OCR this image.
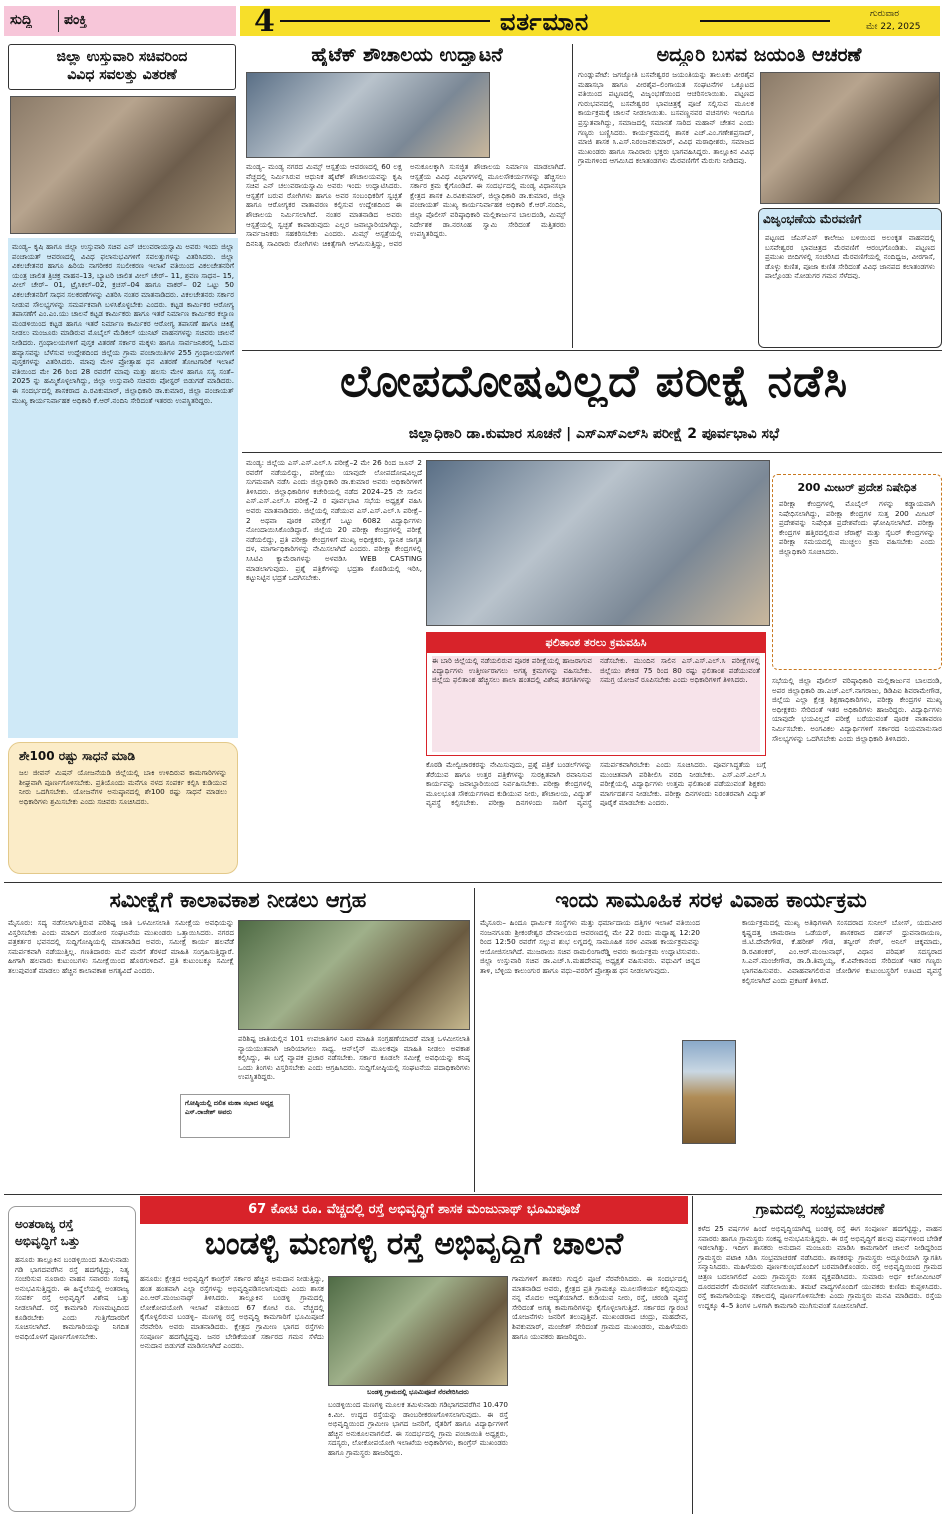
ಸುದ್ದಿ ಪಂಕ್ತಿ	4	ವರ್ತಮಾನ	ಗುರುವಾರ
ಮೇ 22, 2025
ಜಿಲ್ಲಾ ಉಸ್ತುವಾರಿ ಸಚಿವರಿಂದ
ವಿವಿಧ ಸವಲತ್ತು ವಿತರಣೆ
ಮಂಡ್ಯ– ಕೃಷಿ ಹಾಗೂ ಜಿಲ್ಲಾ ಉಸ್ತುವಾರಿ ಸಚಿವ ಎನ್ ಚಲುವರಾಯಸ್ವಾಮಿ ಅವರು ಇಂದು ಜಿಲ್ಲಾ ಪಂಚಾಯತ್ ಆವರಣದಲ್ಲಿ ವಿವಿಧ ಫಲಾನುಭವಿಗಳಿಗೆ ಸವಲತ್ತುಗಳನ್ನು ವಿತರಿಸಿದರು. ಜಿಲ್ಲಾ ವಿಕಲಚೇತನರ ಹಾಗೂ ಹಿರಿಯ ನಾಗರೀಕರ ಸಬಲೀಕರಣ ಇಲಾಖೆ ವತಿಯಿಂದ ವಿಕಲಚೇತನರಿಗೆ ಯಂತ್ರ ಚಾಲಿತ ತ್ರಿಚಕ್ರ ವಾಹನ–13, ಬ್ಯಾಟರಿ ಚಾಲಿತ ವೀಲ್ ಚೇರ್– 11, ಶ್ರವಣ ಸಾಧನ– 15, ವೀಲ್ ಚೇರ್– 01, ಟ್ರೈಸಿಕಲ್–02, ಕ್ರಚಸ್–04 ಹಾಗೂ ವಾಕರ್– 02 ಒಟ್ಟು 50 ವಿಕಲಚೇತನರಿಗೆ ಸಾಧನ ಸಲಕರಣೆಗಳನ್ನು ವಿತರಿಸಿ ನಂತರ ಮಾತನಾಡಿದರು. ವಿಕಲಚೇತನರು ಸರ್ಕಾರ ನೀಡುವ ಸೌಲಭ್ಯಗಳನ್ನು ಸಮರ್ಪಕವಾಗಿ ಬಳಸಿಕೊಳ್ಳಬೇಕು ಎಂದರು. ಕಟ್ಟಡ ಕಾರ್ಮಿಕರ ಆರೋಗ್ಯ ತಪಾಸಣೆಗೆ ಎಂ.ಎಂ.ಯು ಚಾಲನೆ ಕಟ್ಟಡ ಕಾರ್ಮಿಕರು ಹಾಗೂ ಇತರೆ ನಿರ್ಮಾಣ ಕಾರ್ಮಿಕರ ಕಲ್ಯಾಣ ಮಂಡಳಿಯಿಂದ ಕಟ್ಟಡ ಹಾಗೂ ಇತರೆ ನಿರ್ಮಾಣ ಕಾರ್ಮಿಕರ ಆರೋಗ್ಯ ತಪಾಸಣೆ ಹಾಗೂ ಚಿಕಿತ್ಸೆ ನೀಡಲು ಮಂಜೂರು ಮಾಡಿರುವ ಮೊಬೈಲ್ ಮೆಡಿಕಲ್ ಯುನಿಟ್ ವಾಹನಗಳನ್ನು ಸಚಿವರು ಚಾಲನೆ ನೀಡಿದರು. ಗ್ರಂಥಾಲಯಗಳಿಗೆ ಪುಸ್ತಕ ವಿತರಣೆ ಸರ್ಕಾರ ಮಕ್ಕಳು ಹಾಗೂ ಸಾರ್ವಜನಿಕರಲ್ಲಿ ಓದುವ ಹವ್ಯಾಸವನ್ನು ಬೆಳೆಸುವ ಉದ್ದೇಶದಿಂದ ಜಿಲ್ಲೆಯ ಗ್ರಾಮ ಪಂಚಾಯಿತಿಗಳ 255 ಗ್ರಂಥಾಲಯಗಳಿಗೆ ಪುಸ್ತಕಗಳನ್ನು ವಿತರಿಸಿದರು. ಮಾವು ಮೇಳ ಪ್ರೋತ್ಸಾಹ ಧನ ವಿತರಣೆ ತೋಟಗಾರಿಕೆ ಇಲಾಖೆ ವತಿಯಿಂದ ಮೇ 26 ರಿಂದ 28 ರವರೆಗೆ ಮಾವು ಮತ್ತು ಹಲಸು ಮೇಳ ಹಾಗೂ ಸಸ್ಯ ಸಂತೆ– 2025 ನ್ನು ಹಮ್ಮಿಕೊಳ್ಳಲಾಗಿದ್ದು, ಜಿಲ್ಲಾ ಉಸ್ತುವಾರಿ ಸಚಿವರು ಪೋಸ್ಟರ್ ಬಿಡುಗಡೆ ಮಾಡಿದರು. ಈ ಸಂದರ್ಭದಲ್ಲಿ ಶಾಸಕರಾದ ಪಿ.ರವಿಕುಮಾರ್, ಜಿಲ್ಲಾಧಿಕಾರಿ ಡಾ.ಕುಮಾರ, ಜಿಲ್ಲಾ ಪಂಚಾಯತ್ ಮುಖ್ಯ ಕಾರ್ಯನಿರ್ವಾಹಕ ಅಧಿಕಾರಿ ಕೆ.ಆರ್.ನಂದಿನಿ ಸೇರಿದಂತೆ ಇತರರು ಉಪಸ್ಥಿತರಿದ್ದರು.
ಶೇ100 ರಷ್ಟು ಸಾಧನೆ ಮಾಡಿ
ಜಲ ಜೀವನ್ ಮಿಷನ್ ಯೋಜನೆಯಡಿ ಜಿಲ್ಲೆಯಲ್ಲಿ ಬಾಕಿ ಉಳಿದಿರುವ ಕಾಮಗಾರಿಗಳನ್ನು ಶೀಘ್ರವಾಗಿ ಪೂರ್ಣಗೊಳಿಸಬೇಕು. ಪ್ರತಿಯೊಂದು ಮನೆಗೂ ನಳದ ಸಂಪರ್ಕ ಕಲ್ಪಿಸಿ ಕುಡಿಯುವ ನೀರು ಒದಗಿಸಬೇಕು. ಯೋಜನೆಗಳ ಅನುಷ್ಠಾನದಲ್ಲಿ ಶೇ100 ರಷ್ಟು ಸಾಧನೆ ಮಾಡಲು ಅಧಿಕಾರಿಗಳು ಶ್ರಮಿಸಬೇಕು ಎಂದು ಸಚಿವರು ಸೂಚಿಸಿದರು.
ಹೈಟೆಕ್ ಶೌಚಾಲಯ ಉದ್ಘಾಟನೆ
ಮಂಡ್ಯ– ಮಂಡ್ಯ ನಗರದ ಮಿಮ್ಸ್ ಆಸ್ಪತ್ರೆಯ ಆವರಣದಲ್ಲಿ 60 ಲಕ್ಷ ವೆಚ್ಚದಲ್ಲಿ ನಿರ್ಮಿಸಿರುವ ಆಧುನಿಕ ಹೈಟೆಕ್ ಶೌಚಾಲಯವನ್ನು ಕೃಷಿ ಸಚಿವ ಎನ್ ಚಲುವರಾಯಸ್ವಾಮಿ ಅವರು ಇಂದು ಉದ್ಘಾಟಿಸಿದರು. ಆಸ್ಪತ್ರೆಗೆ ಬರುವ ರೋಗಿಗಳು ಹಾಗೂ ಅವರ ಸಂಬಂಧಿಕರಿಗೆ ಸ್ವಚ್ಛತೆ ಹಾಗೂ ಆರೋಗ್ಯಕರ ವಾತಾವರಣ ಕಲ್ಪಿಸುವ ಉದ್ದೇಶದಿಂದ ಈ ಶೌಚಾಲಯ ನಿರ್ಮಿಸಲಾಗಿದೆ. ನಂತರ ಮಾತನಾಡಿದ ಅವರು ಆಸ್ಪತ್ರೆಯಲ್ಲಿ ಸ್ವಚ್ಛತೆ ಕಾಪಾಡುವುದು ಎಲ್ಲರ ಜವಾಬ್ದಾರಿಯಾಗಿದ್ದು, ಸಾರ್ವಜನಿಕರು ಸಹಕರಿಸಬೇಕು ಎಂದರು. ಮಿಮ್ಸ್ ಆಸ್ಪತ್ರೆಯಲ್ಲಿ ದಿನನಿತ್ಯ ಸಾವಿರಾರು ರೋಗಿಗಳು ಚಿಕಿತ್ಸೆಗಾಗಿ ಆಗಮಿಸುತ್ತಿದ್ದು, ಅವರ ಅನುಕೂಲಕ್ಕಾಗಿ ಸುಸಜ್ಜಿತ ಶೌಚಾಲಯ ನಿರ್ಮಾಣ ಮಾಡಲಾಗಿದೆ. ಆಸ್ಪತ್ರೆಯ ವಿವಿಧ ವಿಭಾಗಗಳಲ್ಲಿ ಮೂಲಸೌಕರ್ಯಗಳನ್ನು ಹೆಚ್ಚಿಸಲು ಸರ್ಕಾರ ಕ್ರಮ ಕೈಗೊಂಡಿದೆ. ಈ ಸಂದರ್ಭದಲ್ಲಿ ಮಂಡ್ಯ ವಿಧಾನಸಭಾ ಕ್ಷೇತ್ರದ ಶಾಸಕ ಪಿ.ರವಿಕುಮಾರ್, ಜಿಲ್ಲಾಧಿಕಾರಿ ಡಾ.ಕುಮಾರ, ಜಿಲ್ಲಾ ಪಂಚಾಯತ್ ಮುಖ್ಯ ಕಾರ್ಯನಿರ್ವಾಹಕ ಅಧಿಕಾರಿ ಕೆ.ಆರ್.ನಂದಿನಿ, ಜಿಲ್ಲಾ ಪೊಲೀಸ್ ವರಿಷ್ಠಾಧಿಕಾರಿ ಮಲ್ಲಿಕಾರ್ಜುನ ಬಾಲದಂಡಿ, ಮಿಮ್ಸ್ ನಿರ್ದೇಶಕ ಡಾ.ನರಸಿಂಹ ಸ್ವಾಮಿ ಸೇರಿದಂತೆ ಮತ್ತಿತರರು ಉಪಸ್ಥಿತರಿದ್ದರು.
ಅದ್ದೂರಿ ಬಸವ ಜಯಂತಿ ಆಚರಣೆ
ಗುಂಡ್ಲುಪೇಟೆ: ಜಗಜ್ಯೋತಿ ಬಸವೇಶ್ವರರ ಜಯಂತಿಯನ್ನು ತಾಲೂಕು ವೀರಶೈವ ಮಹಾಸಭಾ ಹಾಗೂ ವೀರಶೈವ–ಲಿಂಗಾಯತ ಸಂಘಟನೆಗಳ ಒಕ್ಕೂಟದ ವತಿಯಿಂದ ಪಟ್ಟಣದಲ್ಲಿ ವಿಜೃಂಭಣೆಯಿಂದ ಆಚರಿಸಲಾಯಿತು. ಪಟ್ಟಣದ ಗುರುಭವನದಲ್ಲಿ ಬಸವೇಶ್ವರರ ಭಾವಚಿತ್ರಕ್ಕೆ ಪೂಜೆ ಸಲ್ಲಿಸುವ ಮೂಲಕ ಕಾರ್ಯಕ್ರಮಕ್ಕೆ ಚಾಲನೆ ನೀಡಲಾಯಿತು. ಬಸವಣ್ಣನವರ ವಚನಗಳು ಇಂದಿಗೂ ಪ್ರಸ್ತುತವಾಗಿದ್ದು, ಸಮಾಜದಲ್ಲಿ ಸಮಾನತೆ ಸಾರಿದ ಮಹಾನ್ ಚೇತನ ಎಂದು ಗಣ್ಯರು ಬಣ್ಣಿಸಿದರು. ಕಾರ್ಯಕ್ರಮದಲ್ಲಿ ಶಾಸಕ ಎಚ್.ಎಂ.ಗಣೇಶಪ್ರಸಾದ್, ಮಾಜಿ ಶಾಸಕ ಸಿ.ಎಸ್.ನಿರಂಜನಕುಮಾರ್, ವಿವಿಧ ಮಠಾಧೀಶರು, ಸಮಾಜದ ಮುಖಂಡರು ಹಾಗೂ ಸಾವಿರಾರು ಭಕ್ತರು ಭಾಗವಹಿಸಿದ್ದರು. ತಾಲ್ಲೂಕಿನ ವಿವಿಧ ಗ್ರಾಮಗಳಿಂದ ಆಗಮಿಸಿದ ಕಲಾತಂಡಗಳು ಮೆರವಣಿಗೆಗೆ ಮೆರುಗು ನೀಡಿದವು.
ವಿಜೃಂಭಣೆಯ ಮೆರವಣಿಗೆ
ಪಟ್ಟಣದ ಜೆಎಸ್ಎಸ್ ಕಾಲೇಜು ಬಳಿಯಿಂದ ಅಲಂಕೃತ ವಾಹನದಲ್ಲಿ ಬಸವೇಶ್ವರರ ಭಾವಚಿತ್ರದ ಮೆರವಣಿಗೆ ಆರಂಭಗೊಂಡಿತು. ಪಟ್ಟಣದ ಪ್ರಮುಖ ಬೀದಿಗಳಲ್ಲಿ ಸಂಚರಿಸಿದ ಮೆರವಣಿಗೆಯಲ್ಲಿ ನಂದಿಧ್ವಜ, ವೀರಗಾಸೆ, ಡೊಳ್ಳು ಕುಣಿತ, ಪೂಜಾ ಕುಣಿತ ಸೇರಿದಂತೆ ವಿವಿಧ ಜಾನಪದ ಕಲಾತಂಡಗಳು ಪಾಲ್ಗೊಂಡು ನೋಡುಗರ ಗಮನ ಸೆಳೆದವು.
ಲೋಪದೋಷವಿಲ್ಲದೆ ಪರೀಕ್ಷೆ ನಡೆಸಿ
ಜಿಲ್ಲಾಧಿಕಾರಿ ಡಾ.ಕುಮಾರ ಸೂಚನೆ | ಎಸ್‌ಎಸ್‌ಎಲ್‌ಸಿ ಪರೀಕ್ಷೆ 2 ಪೂರ್ವಭಾವಿ ಸಭೆ
ಮಂಡ್ಯ: ಜಿಲ್ಲೆಯ ಎಸ್.ಎಸ್.ಎಲ್.ಸಿ ಪರೀಕ್ಷೆ–2 ಮೇ 26 ರಿಂದ ಜೂನ್ 2 ರವರೆಗೆ ನಡೆಯಲಿದ್ದು, ಪರೀಕ್ಷೆಯು ಯಾವುದೇ ಲೋಪದೋಷವಿಲ್ಲದೆ ಸುಗಮವಾಗಿ ನಡೆಸಿ ಎಂದು ಜಿಲ್ಲಾಧಿಕಾರಿ ಡಾ.ಕುಮಾರ ಅವರು ಅಧಿಕಾರಿಗಳಿಗೆ ತಿಳಿಸಿದರು. ಜಿಲ್ಲಾಧಿಕಾರಿಗಳ ಕಚೇರಿಯಲ್ಲಿ ನಡೆದ 2024–25 ನೇ ಸಾಲಿನ ಎಸ್.ಎಸ್.ಎಲ್.ಸಿ ಪರೀಕ್ಷೆ–2 ರ ಪೂರ್ವಭಾವಿ ಸಭೆಯ ಅಧ್ಯಕ್ಷತೆ ವಹಿಸಿ ಅವರು ಮಾತನಾಡಿದರು. ಜಿಲ್ಲೆಯಲ್ಲಿ ನಡೆಯುವ ಎಸ್.ಎಸ್.ಎಲ್.ಸಿ ಪರೀಕ್ಷೆ–2 ಅಥವಾ ಪೂರಕ ಪರೀಕ್ಷೆಗೆ ಒಟ್ಟು 6082 ವಿದ್ಯಾರ್ಥಿಗಳು ನೋಂದಾಯಿಸಿಕೊಂಡಿದ್ದಾರೆ. ಜಿಲ್ಲೆಯ 20 ಪರೀಕ್ಷಾ ಕೇಂದ್ರಗಳಲ್ಲಿ ಪರೀಕ್ಷೆ ನಡೆಯಲಿದ್ದು, ಪ್ರತಿ ಪರೀಕ್ಷಾ ಕೇಂದ್ರಗಳಿಗೆ ಮುಖ್ಯ ಅಧೀಕ್ಷಕರು, ಸ್ಥಾನಿಕ ಜಾಗೃತ ದಳ, ಮಾರ್ಗಾಧಿಕಾರಿಗಳನ್ನು ನೇಮಿಸಲಾಗಿದೆ ಎಂದರು. ಪರೀಕ್ಷಾ ಕೇಂದ್ರಗಳಲ್ಲಿ ಸಿಸಿಟಿವಿ ಕ್ಯಾಮೆರಾಗಳನ್ನು ಅಳವಡಿಸಿ WEB CASTING ಮಾಡಲಾಗುವುದು. ಪ್ರಶ್ನೆ ಪತ್ರಿಕೆಗಳನ್ನು ಭದ್ರತಾ ಕೊಠಡಿಯಲ್ಲಿ ಇರಿಸಿ, ಕಟ್ಟುನಿಟ್ಟಿನ ಭದ್ರತೆ ಒದಗಿಸಬೇಕು.
ಫಲಿತಾಂಶ ತರಲು ಕ್ರಮವಹಿಸಿ
ಈ ಬಾರಿ ಜಿಲ್ಲೆಯಲ್ಲಿ ನಡೆಯಲಿರುವ ಪೂರಕ ಪರೀಕ್ಷೆಯಲ್ಲಿ ಹಾಜರಾಗುವ ವಿದ್ಯಾರ್ಥಿಗಳು ಉತ್ತೀರ್ಣರಾಗಲು ಅಗತ್ಯ ಕ್ರಮಗಳನ್ನು ವಹಿಸಬೇಕು. ಜಿಲ್ಲೆಯ ಫಲಿತಾಂಶ ಹೆಚ್ಚಿಸಲು ಶಾಲಾ ಹಂತದಲ್ಲಿ ವಿಶೇಷ ತರಗತಿಗಳನ್ನು ನಡೆಸಬೇಕು. ಮುಂದಿನ ಸಾಲಿನ ಎಸ್.ಎಸ್.ಎಲ್.ಸಿ ಪರೀಕ್ಷೆಗಳಲ್ಲಿ ಜಿಲ್ಲೆಯು ಶೇಕಡ 75 ರಿಂದ 80 ರಷ್ಟು ಫಲಿತಾಂಶ ಪಡೆಯುವಂತೆ ಸಮಗ್ರ ಯೋಜನೆ ರೂಪಿಸಬೇಕು ಎಂದು ಅಧಿಕಾರಿಗಳಿಗೆ ತಿಳಿಸಿದರು.
ಕೊಠಡಿ ಮೇಲ್ವಿಚಾರಕರನ್ನು ನೇಮಿಸುವುದು, ಪ್ರಶ್ನೆ ಪತ್ರಿಕೆ ಬಂಡಲ್‌ಗಳನ್ನು ತೆರೆಯುವ ಹಾಗೂ ಉತ್ತರ ಪತ್ರಿಕೆಗಳನ್ನು ಸುರಕ್ಷಿತವಾಗಿ ರವಾನಿಸುವ ಕಾರ್ಯವನ್ನು ಜವಾಬ್ದಾರಿಯಿಂದ ನಿರ್ವಹಿಸಬೇಕು. ಪರೀಕ್ಷಾ ಕೇಂದ್ರಗಳಲ್ಲಿ ಮೂಲಭೂತ ಸೌಕರ್ಯಗಳಾದ ಕುಡಿಯುವ ನೀರು, ಶೌಚಾಲಯ, ವಿದ್ಯುತ್ ವ್ಯವಸ್ಥೆ ಕಲ್ಪಿಸಬೇಕು. ಪರೀಕ್ಷಾ ದಿನಗಳಂದು ಸಾರಿಗೆ ವ್ಯವಸ್ಥೆ ಸಮರ್ಪಕವಾಗಿರಬೇಕು ಎಂದು ಸೂಚಿಸಿದರು. ಪೂರ್ವಸಿದ್ಧತೆಯ ಬಗ್ಗೆ ಮುಂಚಿತವಾಗಿ ಪರಿಶೀಲಿಸಿ ವರದಿ ನೀಡಬೇಕು. ಎಸ್.ಎಸ್.ಎಲ್.ಸಿ ಪರೀಕ್ಷೆಯಲ್ಲಿ ವಿದ್ಯಾರ್ಥಿಗಳು ಉತ್ತಮ ಫಲಿತಾಂಶ ಪಡೆಯುವಂತೆ ಶಿಕ್ಷಕರು ಮಾರ್ಗದರ್ಶನ ನೀಡಬೇಕು. ಪರೀಕ್ಷಾ ದಿನಗಳಂದು ನಿರಂತರವಾಗಿ ವಿದ್ಯುತ್ ಪೂರೈಕೆ ಮಾಡಬೇಕು ಎಂದರು.
200 ಮೀಟರ್ ಪ್ರದೇಶ ನಿಷೇಧಿತ
ಪರೀಕ್ಷಾ ಕೇಂದ್ರಗಳಲ್ಲಿ ಮೊಬೈಲ್ ಗಳನ್ನು ಕಡ್ಡಾಯವಾಗಿ ನಿಷೇಧಿಸಲಾಗಿದ್ದು, ಪರೀಕ್ಷಾ ಕೇಂದ್ರಗಳ ಸುತ್ತ 200 ಮೀಟರ್ ಪ್ರದೇಶವನ್ನು ನಿಷೇಧಿತ ಪ್ರದೇಶವೆಂದು ಘೋಷಿಸಲಾಗಿದೆ. ಪರೀಕ್ಷಾ ಕೇಂದ್ರಗಳ ಹತ್ತಿರದಲ್ಲಿರುವ ಜೆರಾಕ್ಸ್ ಮತ್ತು ಸೈಬರ್ ಕೇಂದ್ರಗಳನ್ನು ಪರೀಕ್ಷಾ ಸಮಯದಲ್ಲಿ ಮುಚ್ಚಲು ಕ್ರಮ ವಹಿಸಬೇಕು ಎಂದು ಜಿಲ್ಲಾಧಿಕಾರಿ ಸೂಚಿಸಿದರು.
ಸಭೆಯಲ್ಲಿ ಜಿಲ್ಲಾ ಪೊಲೀಸ್ ವರಿಷ್ಠಾಧಿಕಾರಿ ಮಲ್ಲಿಕಾರ್ಜುನ ಬಾಲದಂಡಿ, ಅಪರ ಜಿಲ್ಲಾಧಿಕಾರಿ ಡಾ.ಎಚ್.ಎಲ್.ನಾಗರಾಜು, ಡಿಡಿಪಿಐ ಶಿವರಾಮೇಗೌಡ, ಜಿಲ್ಲೆಯ ಎಲ್ಲಾ ಕ್ಷೇತ್ರ ಶಿಕ್ಷಣಾಧಿಕಾರಿಗಳು, ಪರೀಕ್ಷಾ ಕೇಂದ್ರಗಳ ಮುಖ್ಯ ಅಧೀಕ್ಷಕರು ಸೇರಿದಂತೆ ಇತರ ಅಧಿಕಾರಿಗಳು ಹಾಜರಿದ್ದರು. ವಿದ್ಯಾರ್ಥಿಗಳು ಯಾವುದೇ ಭಯವಿಲ್ಲದೆ ಪರೀಕ್ಷೆ ಬರೆಯುವಂತೆ ಪೂರಕ ವಾತಾವರಣ ನಿರ್ಮಿಸಬೇಕು. ಅಂಗವಿಕಲ ವಿದ್ಯಾರ್ಥಿಗಳಿಗೆ ಸರ್ಕಾರದ ನಿಯಮಾನುಸಾರ ಸೌಲಭ್ಯಗಳನ್ನು ಒದಗಿಸಬೇಕು ಎಂದು ಜಿಲ್ಲಾಧಿಕಾರಿ ತಿಳಿಸಿದರು.
ಸಮೀಕ್ಷೆಗೆ ಕಾಲಾವಕಾಶ ನೀಡಲು ಆಗ್ರಹ
ಮೈಸೂರು: ಸದ್ಯ ನಡೆಸಲಾಗುತ್ತಿರುವ ಪರಿಶಿಷ್ಟ ಜಾತಿ ಒಳಮೀಸಲಾತಿ ಸಮೀಕ್ಷೆಯ ಅವಧಿಯನ್ನು ವಿಸ್ತರಿಸಬೇಕು ಎಂದು ಮಾದಿಗ ದಂಡೋರ ಸಂಘಟನೆಯ ಮುಖಂಡರು ಒತ್ತಾಯಿಸಿದರು. ನಗರದ ಪತ್ರಕರ್ತರ ಭವನದಲ್ಲಿ ಸುದ್ದಿಗೋಷ್ಠಿಯಲ್ಲಿ ಮಾತನಾಡಿದ ಅವರು, ಸಮೀಕ್ಷೆ ಕಾರ್ಯ ಹಲವೆಡೆ ಸಮರ್ಪಕವಾಗಿ ನಡೆಯುತ್ತಿಲ್ಲ. ಗಣತಿದಾರರು ಮನೆ ಮನೆಗೆ ತೆರಳದೆ ಮಾಹಿತಿ ಸಂಗ್ರಹಿಸುತ್ತಿದ್ದಾರೆ. ಹೀಗಾಗಿ ಹಲವಾರು ಕುಟುಂಬಗಳು ಸಮೀಕ್ಷೆಯಿಂದ ಹೊರಗುಳಿದಿವೆ. ಪ್ರತಿ ಕುಟುಂಬಕ್ಕೂ ಸಮೀಕ್ಷೆ ತಲುಪುವಂತೆ ಮಾಡಲು ಹೆಚ್ಚಿನ ಕಾಲಾವಕಾಶ ಅಗತ್ಯವಿದೆ ಎಂದರು.
ಪರಿಶಿಷ್ಟ ಜಾತಿಯಲ್ಲಿನ 101 ಉಪಜಾತಿಗಳ ನಿಖರ ಮಾಹಿತಿ ಸಂಗ್ರಹಣೆಯಾದರೆ ಮಾತ್ರ ಒಳಮೀಸಲಾತಿ ನ್ಯಾಯಯುತವಾಗಿ ಜಾರಿಯಾಗಲು ಸಾಧ್ಯ. ಆನ್‌ಲೈನ್ ಮೂಲಕವೂ ಮಾಹಿತಿ ನೀಡಲು ಅವಕಾಶ ಕಲ್ಪಿಸಿದ್ದು, ಈ ಬಗ್ಗೆ ವ್ಯಾಪಕ ಪ್ರಚಾರ ನಡೆಸಬೇಕು. ಸರ್ಕಾರ ಕೂಡಲೇ ಸಮೀಕ್ಷೆ ಅವಧಿಯನ್ನು ಕನಿಷ್ಠ ಒಂದು ತಿಂಗಳು ವಿಸ್ತರಿಸಬೇಕು ಎಂದು ಆಗ್ರಹಿಸಿದರು. ಸುದ್ದಿಗೋಷ್ಠಿಯಲ್ಲಿ ಸಂಘಟನೆಯ ಪದಾಧಿಕಾರಿಗಳು ಉಪಸ್ಥಿತರಿದ್ದರು.
ಗೋಷ್ಠಿಯಲ್ಲಿ ದಲಿತ ಮಹಾ ಸಭಾದ ಅಧ್ಯಕ್ಷ ಎಸ್.ರಾಜೇಶ್ ಅವರು
ಇಂದು ಸಾಮೂಹಿಕ ಸರಳ ವಿವಾಹ ಕಾರ್ಯಕ್ರಮ
ಮೈಸೂರು– ಹಿಂದೂ ಧಾರ್ಮಿಕ ಸಂಸ್ಥೆಗಳು ಮತ್ತು ಧರ್ಮಾದಾಯ ದತ್ತಿಗಳ ಇಲಾಖೆ ವತಿಯಿಂದ ನಂಜನಗೂಡು ಶ್ರೀಕಂಠೇಶ್ವರ ದೇವಾಲಯದ ಆವರಣದಲ್ಲಿ ಮೇ 22 ರಂದು ಮಧ್ಯಾಹ್ನ 12:20 ರಿಂದ 12:50 ರವರೆಗೆ ಸಲ್ಲುವ ಶುಭ ಲಗ್ನದಲ್ಲಿ ಸಾಮೂಹಿಕ ಸರಳ ವಿವಾಹ ಕಾರ್ಯಕ್ರಮವನ್ನು ಆಯೋಜಿಸಲಾಗಿದೆ. ಮುಜರಾಯಿ ಸಚಿವ ರಾಮಲಿಂಗಾರೆಡ್ಡಿ ಅವರು ಕಾರ್ಯಕ್ರಮ ಉದ್ಘಾಟಿಸುವರು. ಜಿಲ್ಲಾ ಉಸ್ತುವಾರಿ ಸಚಿವ ಡಾ.ಎಚ್.ಸಿ.ಮಹದೇವಪ್ಪ ಅಧ್ಯಕ್ಷತೆ ವಹಿಸುವರು. ವಧುವಿಗೆ ಚಿನ್ನದ ತಾಳಿ, ಬೆಳ್ಳಿಯ ಕಾಲುಂಗುರ ಹಾಗೂ ವಧು–ವರರಿಗೆ ಪ್ರೋತ್ಸಾಹ ಧನ ನೀಡಲಾಗುವುದು.
ಕಾರ್ಯಕ್ರಮದಲ್ಲಿ ಮುಖ್ಯ ಅತಿಥಿಗಳಾಗಿ ಸಂಸದರಾದ ಸುನೀಲ್ ಬೋಸ್, ಯದುವೀರ ಕೃಷ್ಣದತ್ತ ಚಾಮರಾಜ ಒಡೆಯರ್, ಶಾಸಕರಾದ ದರ್ಶನ್ ಧ್ರುವನಾರಾಯಣ, ಜಿ.ಟಿ.ದೇವೇಗೌಡ, ಕೆ.ಹರೀಶ್ ಗೌಡ, ತನ್ವೀರ್ ಸೇಠ್, ಅನಿಲ್ ಚಿಕ್ಕಮಾದು, ಡಿ.ರವಿಶಂಕರ್, ಎಂ.ಆರ್.ಮಂಜುನಾಥ್, ವಿಧಾನ ಪರಿಷತ್ ಸದಸ್ಯರಾದ ಸಿ.ಎನ್.ಮಂಜೇಗೌಡ, ಡಾ.ಡಿ.ತಿಮ್ಮಯ್ಯ, ಕೆ.ವಿವೇಕಾನಂದ ಸೇರಿದಂತೆ ಇತರ ಗಣ್ಯರು ಭಾಗವಹಿಸುವರು. ವಿವಾಹವಾಗಲಿರುವ ಜೋಡಿಗಳ ಕುಟುಂಬಸ್ಥರಿಗೆ ಊಟದ ವ್ಯವಸ್ಥೆ ಕಲ್ಪಿಸಲಾಗಿದೆ ಎಂದು ಪ್ರಕಟಣೆ ತಿಳಿಸಿದೆ.
67 ಕೋಟಿ ರೂ. ವೆಚ್ಚದಲ್ಲಿ ರಸ್ತೆ ಅಭಿವೃದ್ಧಿಗೆ ಶಾಸಕ ಮಂಜುನಾಥ್ ಭೂಮಿಪೂಜೆ
ಬಂಡಳ್ಳಿ ಮಣಗಳ್ಳಿ ರಸ್ತೆ ಅಭಿವೃದ್ಧಿಗೆ ಚಾಲನೆ
ಅಂತರಾಜ್ಯ ರಸ್ತೆ
ಅಭಿವೃದ್ಧಿಗೆ ಒತ್ತು
ಹನೂರು ತಾಲ್ಲೂಕಿನ ಬಂಡಳ್ಳಿಯಿಂದ ತಮಿಳುನಾಡು ಗಡಿ ಭಾಗದವರೆಗಿನ ರಸ್ತೆ ಹದಗೆಟ್ಟಿದ್ದು, ನಿತ್ಯ ಸಂಚರಿಸುವ ನೂರಾರು ವಾಹನ ಸವಾರರು ಸಂಕಷ್ಟ ಅನುಭವಿಸುತ್ತಿದ್ದರು. ಈ ಹಿನ್ನೆಲೆಯಲ್ಲಿ ಅಂತರಾಜ್ಯ ಸಂಪರ್ಕ ರಸ್ತೆ ಅಭಿವೃದ್ಧಿಗೆ ವಿಶೇಷ ಒತ್ತು ನೀಡಲಾಗಿದೆ. ರಸ್ತೆ ಕಾಮಗಾರಿ ಗುಣಮಟ್ಟದಿಂದ ಕೂಡಿರಬೇಕು ಎಂದು ಗುತ್ತಿಗೆದಾರರಿಗೆ ಸೂಚಿಸಲಾಗಿದೆ. ಕಾಮಗಾರಿಯನ್ನು ನಿಗದಿತ ಅವಧಿಯೊಳಗೆ ಪೂರ್ಣಗೊಳಿಸಬೇಕು.
ಹನೂರು: ಕ್ಷೇತ್ರದ ಅಭಿವೃದ್ಧಿಗೆ ಕಾಂಗ್ರೆಸ್ ಸರ್ಕಾರ ಹೆಚ್ಚಿನ ಅನುದಾನ ನೀಡುತ್ತಿದ್ದು, ಹಂತ ಹಂತವಾಗಿ ಎಲ್ಲಾ ರಸ್ತೆಗಳನ್ನು ಅಭಿವೃದ್ಧಿಪಡಿಸಲಾಗುವುದು ಎಂದು ಶಾಸಕ ಎಂ.ಆರ್.ಮಂಜುನಾಥ್ ತಿಳಿಸಿದರು. ತಾಲ್ಲೂಕಿನ ಬಂಡಳ್ಳಿ ಗ್ರಾಮದಲ್ಲಿ ಲೋಕೋಪಯೋಗಿ ಇಲಾಖೆ ವತಿಯಿಂದ 67 ಕೋಟಿ ರೂ. ವೆಚ್ಚದಲ್ಲಿ ಕೈಗೊಳ್ಳಲಿರುವ ಬಂಡಳ್ಳಿ– ಮಣಗಳ್ಳಿ ರಸ್ತೆ ಅಭಿವೃದ್ಧಿ ಕಾಮಗಾರಿಗೆ ಭೂಮಿಪೂಜೆ ನೆರವೇರಿಸಿ ಅವರು ಮಾತನಾಡಿದರು. ಕ್ಷೇತ್ರದ ಗ್ರಾಮೀಣ ಭಾಗದ ರಸ್ತೆಗಳು ಸಂಪೂರ್ಣ ಹದಗೆಟ್ಟಿದ್ದವು. ಜನರ ಬೇಡಿಕೆಯಂತೆ ಸರ್ಕಾರದ ಗಮನ ಸೆಳೆದು ಅನುದಾನ ಬಿಡುಗಡೆ ಮಾಡಿಸಲಾಗಿದೆ ಎಂದರು.
ಬಂಡಳ್ಳಿ ಗ್ರಾಮದಲ್ಲಿ ಭೂಮಿಪೂಜೆ ನೆರವೇರಿಸಿದರು
ಬಂಡಳ್ಳಿಯಿಂದ ಮಣಗಳ್ಳಿ ಮೂಲಕ ತಮಿಳುನಾಡು ಗಡಿಭಾಗದವರೆಗಿನ 10.470 ಕಿ.ಮೀ. ಉದ್ದದ ರಸ್ತೆಯನ್ನು ಡಾಂಬರೀಕರಣಗೊಳಿಸಲಾಗುವುದು. ಈ ರಸ್ತೆ ಅಭಿವೃದ್ಧಿಯಿಂದ ಗ್ರಾಮೀಣ ಭಾಗದ ಜನರಿಗೆ, ರೈತರಿಗೆ ಹಾಗೂ ವಿದ್ಯಾರ್ಥಿಗಳಿಗೆ ಹೆಚ್ಚಿನ ಅನುಕೂಲವಾಗಲಿದೆ. ಈ ಸಂದರ್ಭದಲ್ಲಿ ಗ್ರಾಮ ಪಂಚಾಯಿತಿ ಅಧ್ಯಕ್ಷರು, ಸದಸ್ಯರು, ಲೋಕೋಪಯೋಗಿ ಇಲಾಖೆಯ ಅಧಿಕಾರಿಗಳು, ಕಾಂಗ್ರೆಸ್ ಮುಖಂಡರು ಹಾಗೂ ಗ್ರಾಮಸ್ಥರು ಹಾಜರಿದ್ದರು.
ಗಾಮಗಳಿಗೆ ಶಾಸಕರು ಗುದ್ದಲಿ ಪೂಜೆ ನೆರವೇರಿಸಿದರು. ಈ ಸಂದರ್ಭದಲ್ಲಿ ಮಾತನಾಡಿದ ಅವರು, ಕ್ಷೇತ್ರದ ಪ್ರತಿ ಗ್ರಾಮಕ್ಕೂ ಮೂಲಸೌಕರ್ಯ ಕಲ್ಪಿಸುವುದು ನನ್ನ ಮೊದಲ ಆದ್ಯತೆಯಾಗಿದೆ. ಕುಡಿಯುವ ನೀರು, ರಸ್ತೆ, ಚರಂಡಿ ವ್ಯವಸ್ಥೆ ಸೇರಿದಂತೆ ಅಗತ್ಯ ಕಾಮಗಾರಿಗಳನ್ನು ಕೈಗೊಳ್ಳಲಾಗುತ್ತಿದೆ. ಸರ್ಕಾರದ ಗ್ಯಾರಂಟಿ ಯೋಜನೆಗಳು ಜನರಿಗೆ ತಲುಪುತ್ತಿವೆ. ಮುಖಂಡರಾದ ಚಂದ್ರು, ಮಹದೇವ, ಶಿವಕುಮಾರ್, ಮಂಜೇಶ್ ಸೇರಿದಂತೆ ಗ್ರಾಮದ ಮುಖಂಡರು, ಮಹಿಳೆಯರು ಹಾಗೂ ಯುವಕರು ಹಾಜರಿದ್ದರು.
ಗ್ರಾಮದಲ್ಲಿ ಸಂಭ್ರಮಾಚರಣೆ
ಕಳೆದ 25 ವರ್ಷಗಳ ಹಿಂದೆ ಅಭಿವೃದ್ಧಿಯಾಗಿದ್ದ ಬಂಡಳ್ಳಿ ರಸ್ತೆ ಈಗ ಸಂಪೂರ್ಣ ಹದಗೆಟ್ಟಿದ್ದು, ವಾಹನ ಸವಾರರು ಹಾಗೂ ಗ್ರಾಮಸ್ಥರು ಸಂಕಷ್ಟ ಅನುಭವಿಸುತ್ತಿದ್ದರು. ಈ ರಸ್ತೆ ಅಭಿವೃದ್ಧಿಗೆ ಹಲವು ವರ್ಷಗಳಿಂದ ಬೇಡಿಕೆ ಇಡಲಾಗಿತ್ತು. ಇದೀಗ ಶಾಸಕರು ಅನುದಾನ ಮಂಜೂರು ಮಾಡಿಸಿ ಕಾಮಗಾರಿಗೆ ಚಾಲನೆ ನೀಡಿದ್ದರಿಂದ ಗ್ರಾಮಸ್ಥರು ಪಟಾಕಿ ಸಿಡಿಸಿ ಸಂಭ್ರಮಾಚರಣೆ ನಡೆಸಿದರು. ಶಾಸಕರನ್ನು ಗ್ರಾಮಸ್ಥರು ಅದ್ದೂರಿಯಾಗಿ ಸ್ವಾಗತಿಸಿ ಸನ್ಮಾನಿಸಿದರು. ಮಹಿಳೆಯರು ಪೂರ್ಣಕುಂಭದೊಂದಿಗೆ ಬರಮಾಡಿಕೊಂಡರು. ರಸ್ತೆ ಅಭಿವೃದ್ಧಿಯಿಂದ ಗ್ರಾಮದ ಚಿತ್ರಣ ಬದಲಾಗಲಿದೆ ಎಂದು ಗ್ರಾಮಸ್ಥರು ಸಂತಸ ವ್ಯಕ್ತಪಡಿಸಿದರು. ಸುಮಾರು ಅರ್ಧ ಕಿಲೋಮೀಟರ್ ದೂರದವರೆಗೆ ಮೆರವಣಿಗೆ ನಡೆಸಲಾಯಿತು. ತಮಟೆ ವಾದ್ಯಗಳೊಂದಿಗೆ ಯುವಕರು ಕುಣಿದು ಕುಪ್ಪಳಿಸಿದರು. ರಸ್ತೆ ಕಾಮಗಾರಿಯನ್ನು ಸಕಾಲದಲ್ಲಿ ಪೂರ್ಣಗೊಳಿಸಬೇಕು ಎಂದು ಗ್ರಾಮಸ್ಥರು ಮನವಿ ಮಾಡಿದರು. ರಸ್ತೆಯ ಉದ್ದಕ್ಕೂ 4–5 ತಿಂಗಳ ಒಳಗಾಗಿ ಕಾಮಗಾರಿ ಮುಗಿಸುವಂತೆ ಸೂಚಿಸಲಾಗಿದೆ.
